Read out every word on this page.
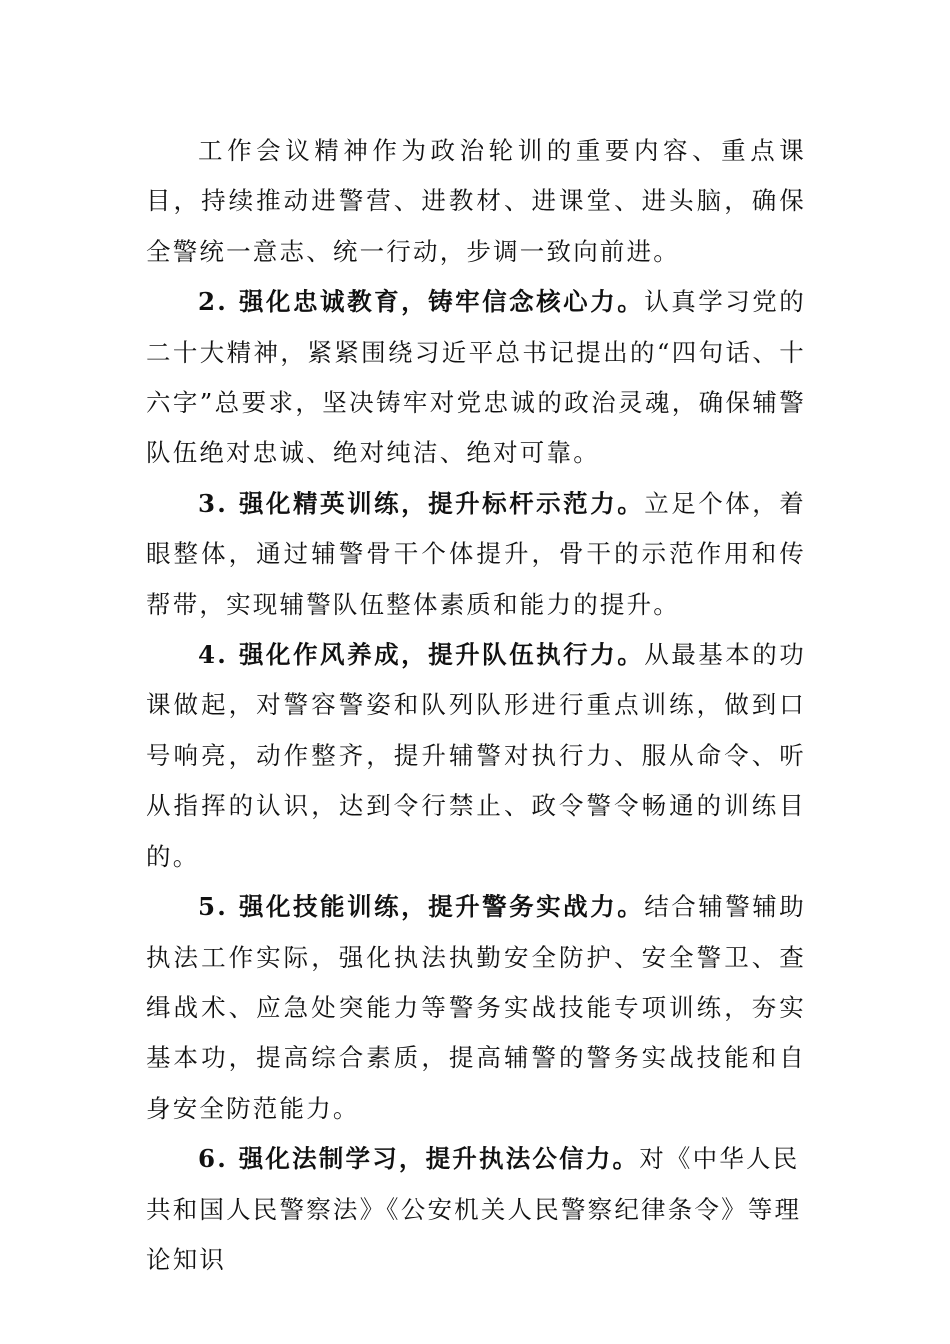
工作会议精神作为政治轮训的重要内容、重点课目，持续推动进警营、进教材、进课堂、进头脑，确保全警统一意志、统一行动，步调一致向前进。

2. 强化忠诚教育，铸牢信念核心力。认真学习党的二十大精神，紧紧围绕习近平总书记提出的“四句话、十六字”总要求，坚决铸牢对党忠诚的政治灵魂，确保辅警队伍绝对忠诚、绝对纯洁、绝对可靠。

3. 强化精英训练，提升标杆示范力。立足个体，着眼整体，通过辅警骨干个体提升，骨干的示范作用和传帮带，实现辅警队伍整体素质和能力的提升。

4. 强化作风养成，提升队伍执行力。从最基本的功课做起，对警容警姿和队列队形进行重点训练，做到口号响亮，动作整齐，提升辅警对执行力、服从命令、听从指挥的认识，达到令行禁止、政令警令畅通的训练目的。

5. 强化技能训练，提升警务实战力。结合辅警辅助执法工作实际，强化执法执勤安全防护、安全警卫、查缉战术、应急处突能力等警务实战技能专项训练，夯实基本功，提高综合素质，提高辅警的警务实战技能和自身安全防范能力。

6. 强化法制学习，提升执法公信力。对《中华人民共和国人民警察法》《公安机关人民警察纪律条令》等理论知识
